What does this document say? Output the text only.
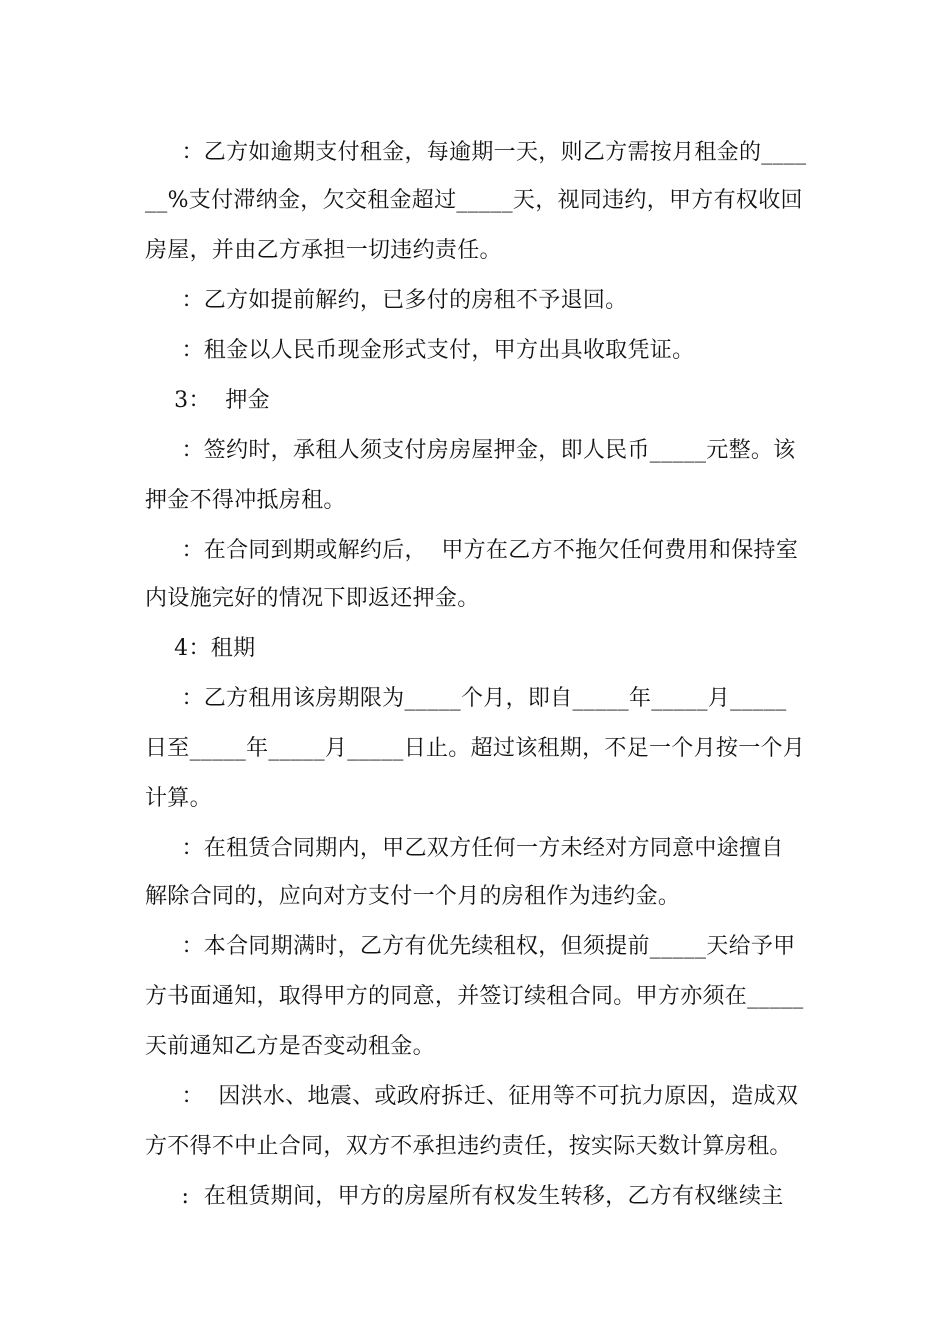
：乙方如逾期支付租金，每逾期一天，则乙方需按月租金的____
__%支付滞纳金，欠交租金超过_____天，视同违约，甲方有权收回
房屋，并由乙方承担一切违约责任。
：乙方如提前解约，已多付的房租不予退回。
：租金以人民币现金形式支付，甲方出具收取凭证。
3：  押金
：签约时，承租人须支付房房屋押金，即人民币_____元整。该
押金不得冲抵房租。
：在合同到期或解约后，  甲方在乙方不拖欠任何费用和保持室
内设施完好的情况下即返还押金。
4：租期
：乙方租用该房期限为_____个月，即自_____年_____月_____
日至_____年_____月_____日止。超过该租期，不足一个月按一个月
计算。
：在租赁合同期内，甲乙双方任何一方未经对方同意中途擅自
解除合同的，应向对方支付一个月的房租作为违约金。
：本合同期满时，乙方有优先续租权，但须提前_____天给予甲
方书面通知，取得甲方的同意，并签订续租合同。甲方亦须在_____
天前通知乙方是否变动租金。
：  因洪水、地震、或政府拆迁、征用等不可抗力原因，造成双
方不得不中止合同，双方不承担违约责任，按实际天数计算房租。
:  在租赁期间，甲方的房屋所有权发生转移，乙方有权继续主
